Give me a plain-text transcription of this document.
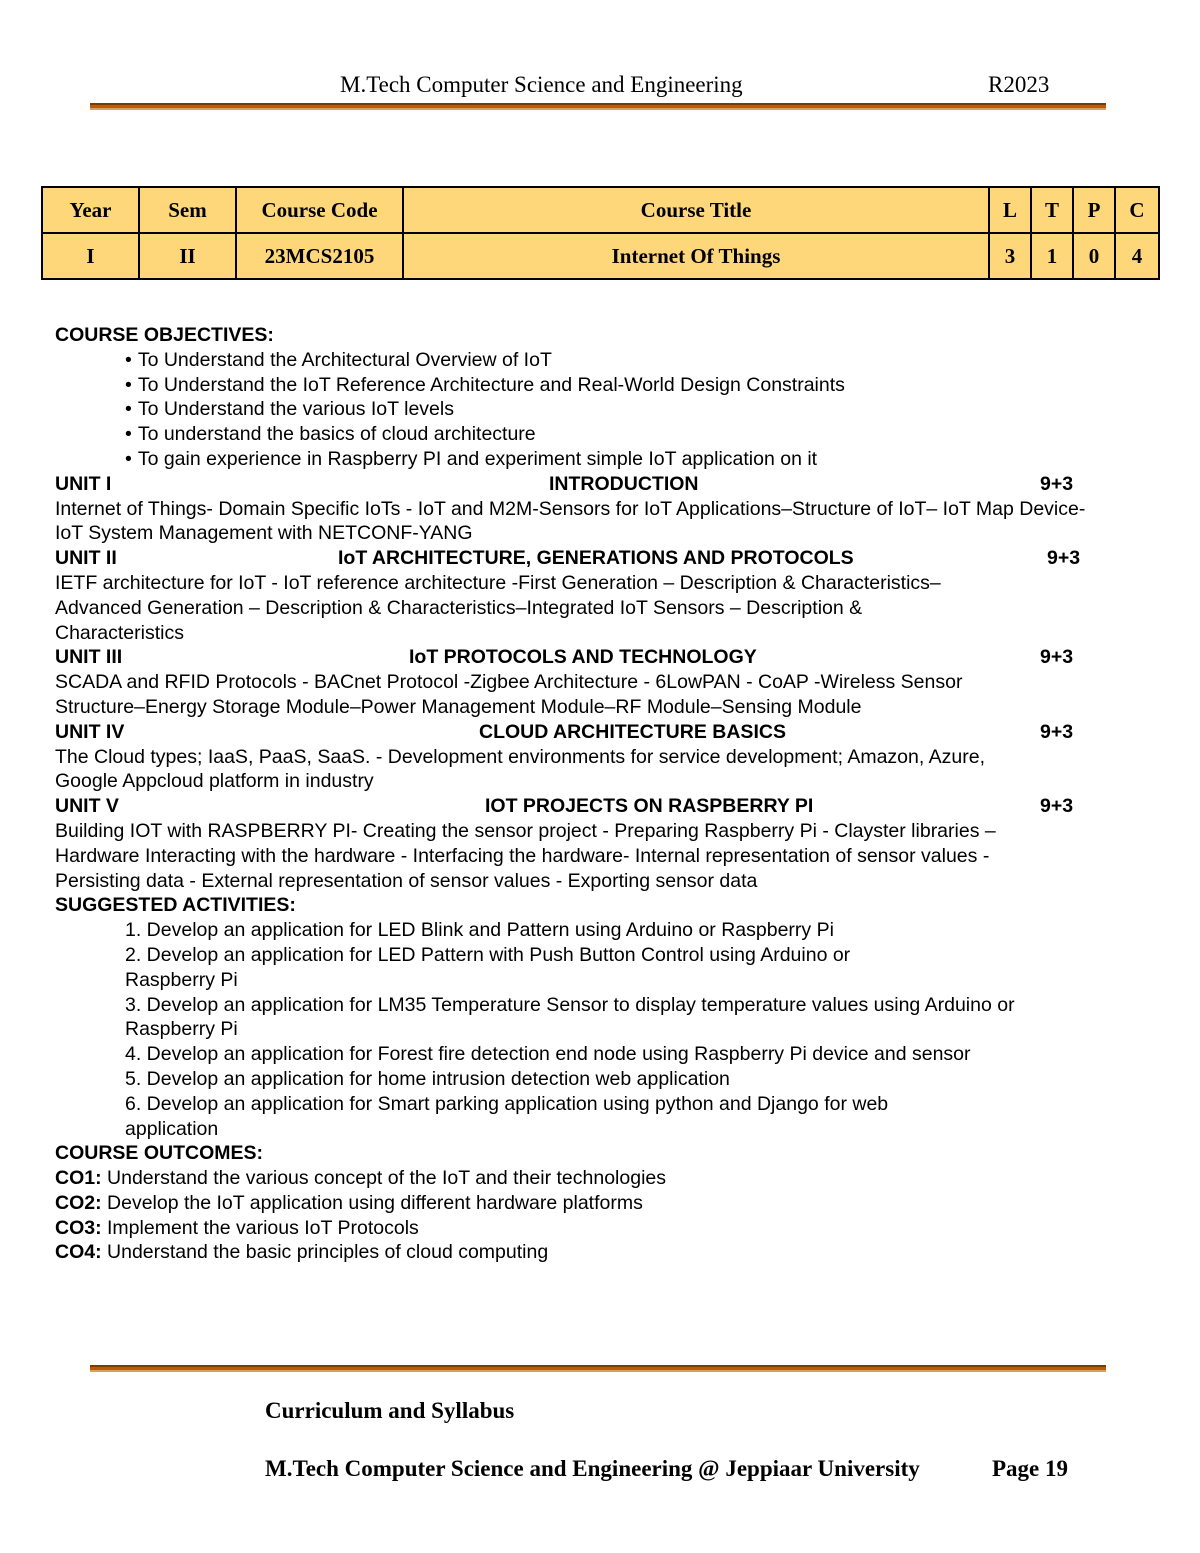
M.Tech Computer Science and Engineering	R2023
Year	Sem	Course Code	Course Title	L	T	P	C
I	II	23MCS2105	Internet Of Things	3	1	0	4

COURSE OBJECTIVES:

• To Understand the Architectural Overview of IoT
• To Understand the IoT Reference Architecture and Real-World Design Constraints
• To Understand the various IoT levels
• To understand the basics of cloud architecture
• To gain experience in Raspberry PI and experiment simple IoT application on it
UNIT I	INTRODUCTION	9+3

Internet of Things- Domain Specific IoTs - IoT and M2M-Sensors for IoT Applications–Structure of IoT– IoT Map Device- IoT System Management with NETCONF-YANG

UNIT II	IoT ARCHITECTURE, GENERATIONS AND PROTOCOLS	9+3

IETF architecture for IoT - IoT reference architecture -First Generation – Description & Characteristics–Advanced Generation – Description & Characteristics–Integrated IoT Sensors – Description & Characteristics

UNIT III	IoT PROTOCOLS AND TECHNOLOGY	9+3

SCADA and RFID Protocols - BACnet Protocol -Zigbee Architecture - 6LowPAN - CoAP -Wireless Sensor Structure–Energy Storage Module–Power Management Module–RF Module–Sensing Module

UNIT IV	CLOUD ARCHITECTURE BASICS	9+3

The Cloud types; IaaS, PaaS, SaaS. - Development environments for service development; Amazon, Azure, Google Appcloud platform in industry

UNIT V	IOT PROJECTS ON RASPBERRY PI	9+3

Building IOT with RASPBERRY PI- Creating the sensor project - Preparing Raspberry Pi - Clayster libraries – Hardware Interacting with the hardware - Interfacing the hardware- Internal representation of sensor values - Persisting data - External representation of sensor values - Exporting sensor data

SUGGESTED ACTIVITIES:

1. Develop an application for LED Blink and Pattern using Arduino or Raspberry Pi

2. Develop an application for LED Pattern with Push Button Control using Arduino or Raspberry Pi

3. Develop an application for LM35 Temperature Sensor to display temperature values using Arduino or Raspberry Pi

4. Develop an application for Forest fire detection end node using Raspberry Pi device and sensor

5. Develop an application for home intrusion detection web application

6. Develop an application for Smart parking application using python and Django for web application

COURSE OUTCOMES:

CO1: Understand the various concept of the IoT and their technologies

CO2: Develop the IoT application using different hardware platforms

CO3: Implement the various IoT Protocols

CO4: Understand the basic principles of cloud computing

Curriculum and Syllabus
M.Tech Computer Science and Engineering @ Jeppiaar University	Page 19
